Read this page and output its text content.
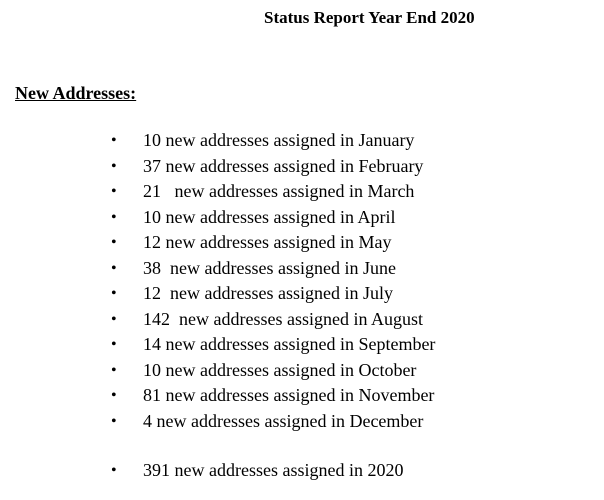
Status Report Year End 2020
New Addresses:
• 10 new addresses assigned in January
• 37 new addresses assigned in February
• 21   new addresses assigned in March
• 10 new addresses assigned in April
• 12 new addresses assigned in May
• 38  new addresses assigned in June
• 12  new addresses assigned in July
• 142  new addresses assigned in August
• 14 new addresses assigned in September
• 10 new addresses assigned in October
• 81 new addresses assigned in November
• 4 new addresses assigned in December
• 391 new addresses assigned in 2020
